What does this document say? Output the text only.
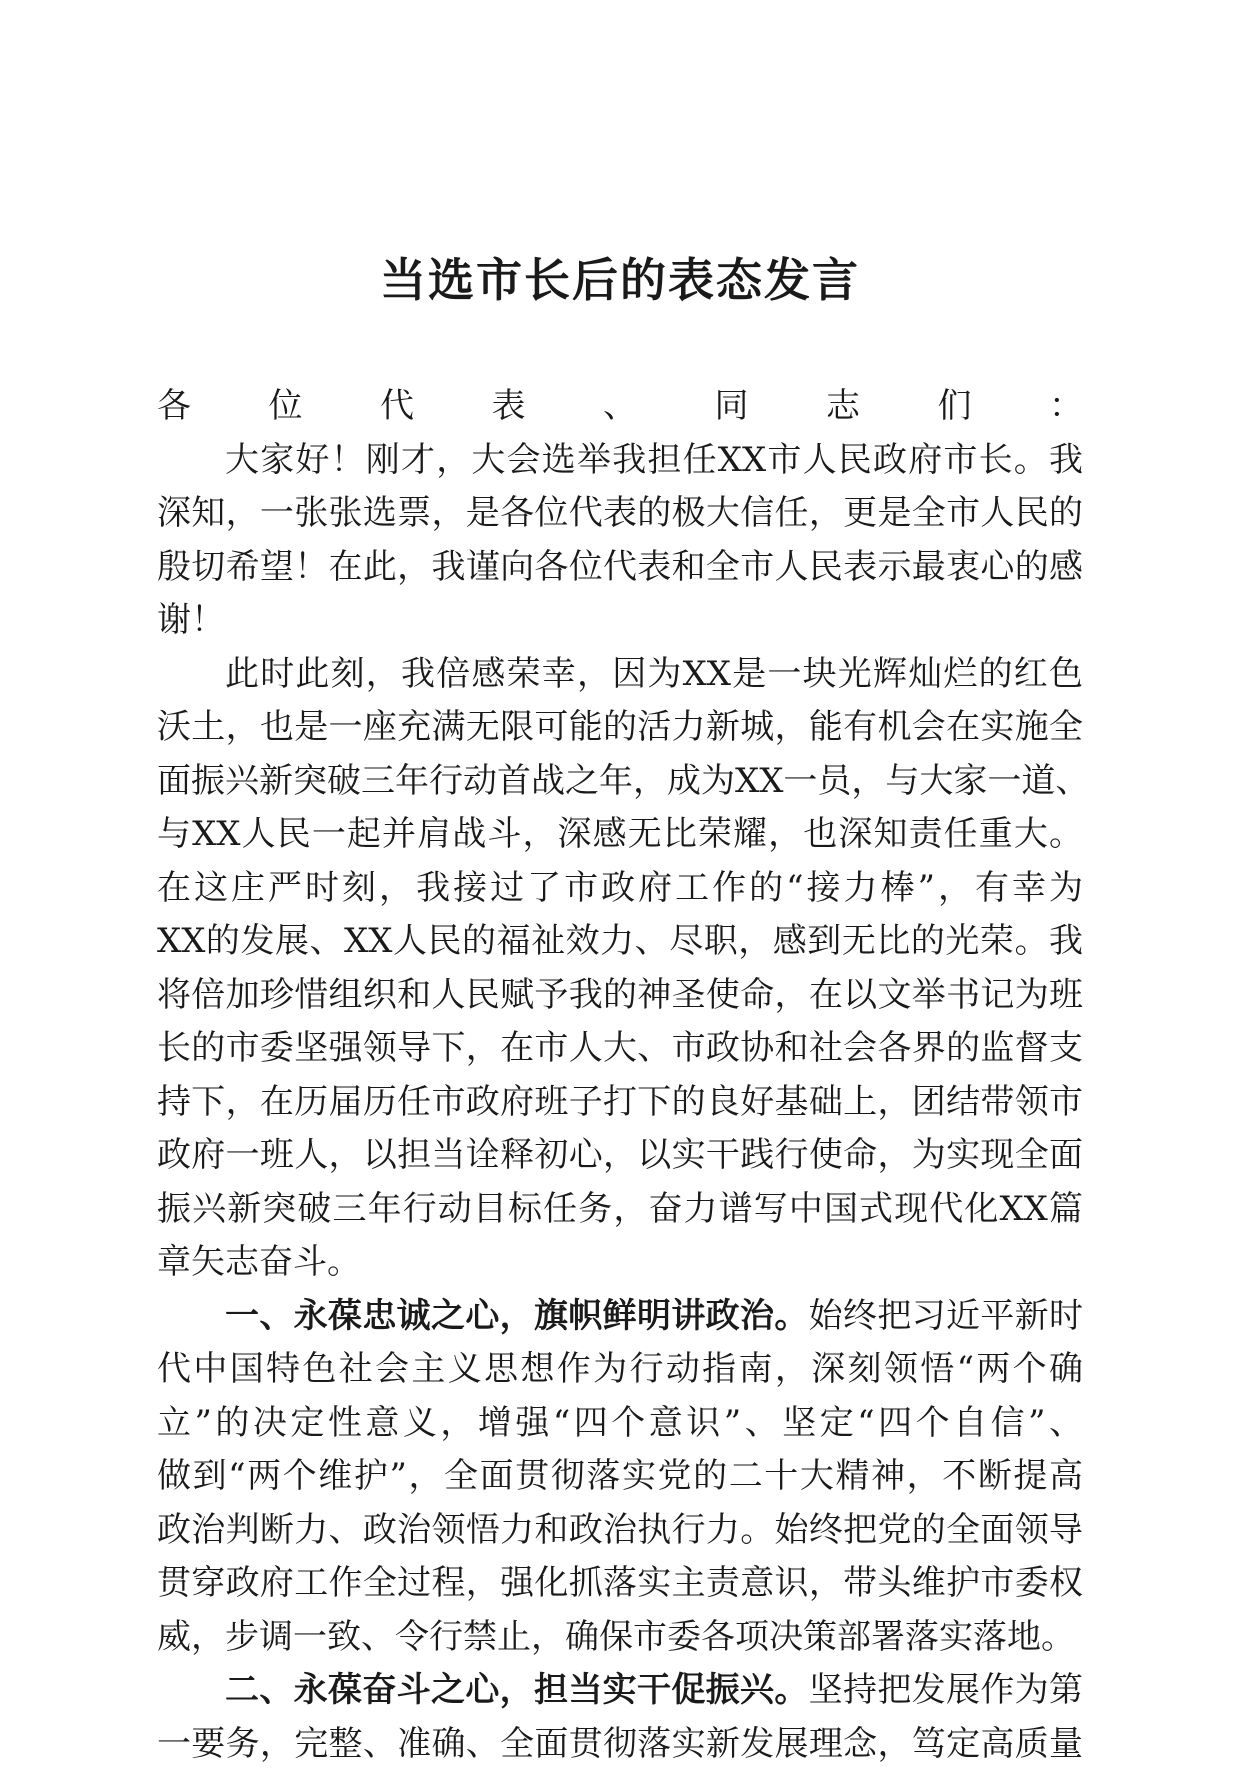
当选市长后的表态发言
各位代表、同志们：
大家好！刚才，大会选举我担任XX市人民政府市长。我
深知，一张张选票，是各位代表的极大信任，更是全市人民的
殷切希望！在此，我谨向各位代表和全市人民表示最衷心的感
谢！
此时此刻，我倍感荣幸，因为XX是一块光辉灿烂的红色
沃土，也是一座充满无限可能的活力新城，能有机会在实施全
面振兴新突破三年行动首战之年，成为XX一员，与大家一道、
与XX人民一起并肩战斗，深感无比荣耀，也深知责任重大。
在这庄严时刻，我接过了市政府工作的“接力棒”，有幸为
XX的发展、XX人民的福祉效力、尽职，感到无比的光荣。我
将倍加珍惜组织和人民赋予我的神圣使命，在以文举书记为班
长的市委坚强领导下，在市人大、市政协和社会各界的监督支
持下，在历届历任市政府班子打下的良好基础上，团结带领市
政府一班人，以担当诠释初心，以实干践行使命，为实现全面
振兴新突破三年行动目标任务，奋力谱写中国式现代化XX篇
章矢志奋斗。
一、永葆忠诚之心，旗帜鲜明讲政治。始终把习近平新时
代中国特色社会主义思想作为行动指南，深刻领悟“两个确
立”的决定性意义，增强“四个意识”、坚定“四个自信”、
做到“两个维护”，全面贯彻落实党的二十大精神，不断提高
政治判断力、政治领悟力和政治执行力。始终把党的全面领导
贯穿政府工作全过程，强化抓落实主责意识，带头维护市委权
威，步调一致、令行禁止，确保市委各项决策部署落实落地。
二、永葆奋斗之心，担当实干促振兴。坚持把发展作为第
一要务，完整、准确、全面贯彻落实新发展理念，笃定高质量
